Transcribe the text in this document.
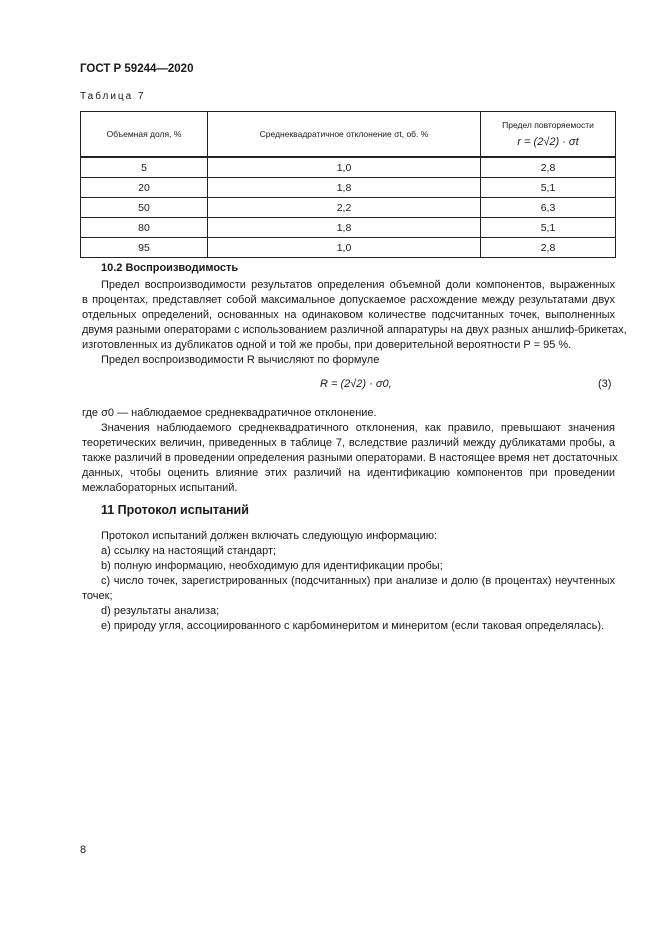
ГОСТ Р 59244—2020
Таблица 7
Объемная доля, %	Среднеквадратичное отклонение σt, об. %	Предел повторяемости
r = (2√2) · σt

5	1,0	2,8
20	1,8	5,1
50	2,2	6,3
80	1,8	5,1
95	1,0	2,8
10.2 Воспроизводимость
Предел воспроизводимости результатов определения объемной доли компонентов, выраженных
в процентах, представляет собой максимальное допускаемое расхождение между результатами двух
отдельных определений, основанных на одинаковом количестве подсчитанных точек, выполненных
двумя разными операторами с использованием различной аппаратуры на двух разных аншлиф-брикетах,
изготовленных из дубликатов одной и той же пробы, при доверительной вероятности P = 95 %.
Предел воспроизводимости R вычисляют по формуле
R = (2√2) · σ0,	(3)
где σ0 — наблюдаемое среднеквадратичное отклонение.
Значения наблюдаемого среднеквадратичного отклонения, как правило, превышают значения
теоретических величин, приведенных в таблице 7, вследствие различий между дубликатами пробы, а
также различий в проведении определения разными операторами. В настоящее время нет достаточных
данных, чтобы оценить влияние этих различий на идентификацию компонентов при проведении
межлабораторных испытаний.
11 Протокол испытаний
Протокол испытаний должен включать следующую информацию:
а) ссылку на настоящий стандарт;
b) полную информацию, необходимую для идентификации пробы;
c) число точек, зарегистрированных (подсчитанных) при анализе и долю (в процентах) неучтенных
точек;
d) результаты анализа;
e) природу угля, ассоциированного с карбоминеритом и минеритом (если таковая определялась).
8
